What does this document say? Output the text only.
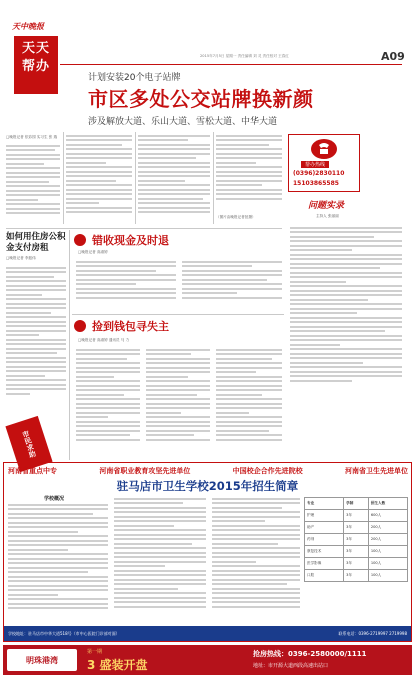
天中晚报
天天帮办
2015年7月5日 星期一 责任编辑 刘 灵 责任校对 王春红	A09
计划安装20个电子站牌
市区多处公交站牌换新颜
涉及解放大道、乐山大道、雪松大道、中华大道
□晚报记者 依彩园 实习生 张 瑞
（图片由晚报记者拍摄）
帮办热线
(0396)2830110
15103865585
问题实录
主持人 张丽丽
如何用住房公积金支付房租
□晚报记者 李振伟
市民求助
错收现金及时退
□晚报记者 高淑婷
捡到钱包寻失主
□晚报记者 高淑婷 通讯员 马 力
河南省重点中专	河南省职业教育攻坚先进单位	中国校企合作先进院校	河南省卫生先进单位
驻马店市卫生学校2015年招生简章
学校概况
专业	学制	招生人数
护理	3年	600人
助产	3年	200人
药剂	3年	200人
康复技术	3年	100人
医学影像	3年	100人
口腔	3年	100人
学校地址：驻马店市中华大道518号（市中心医院门诊部对面）	联系电话：0396-2719997 2719998
明珠港湾
第一期
3 盛装开盘
抢房热线：0396-2580000/1111
地址：市开源大道西段高速出站口
